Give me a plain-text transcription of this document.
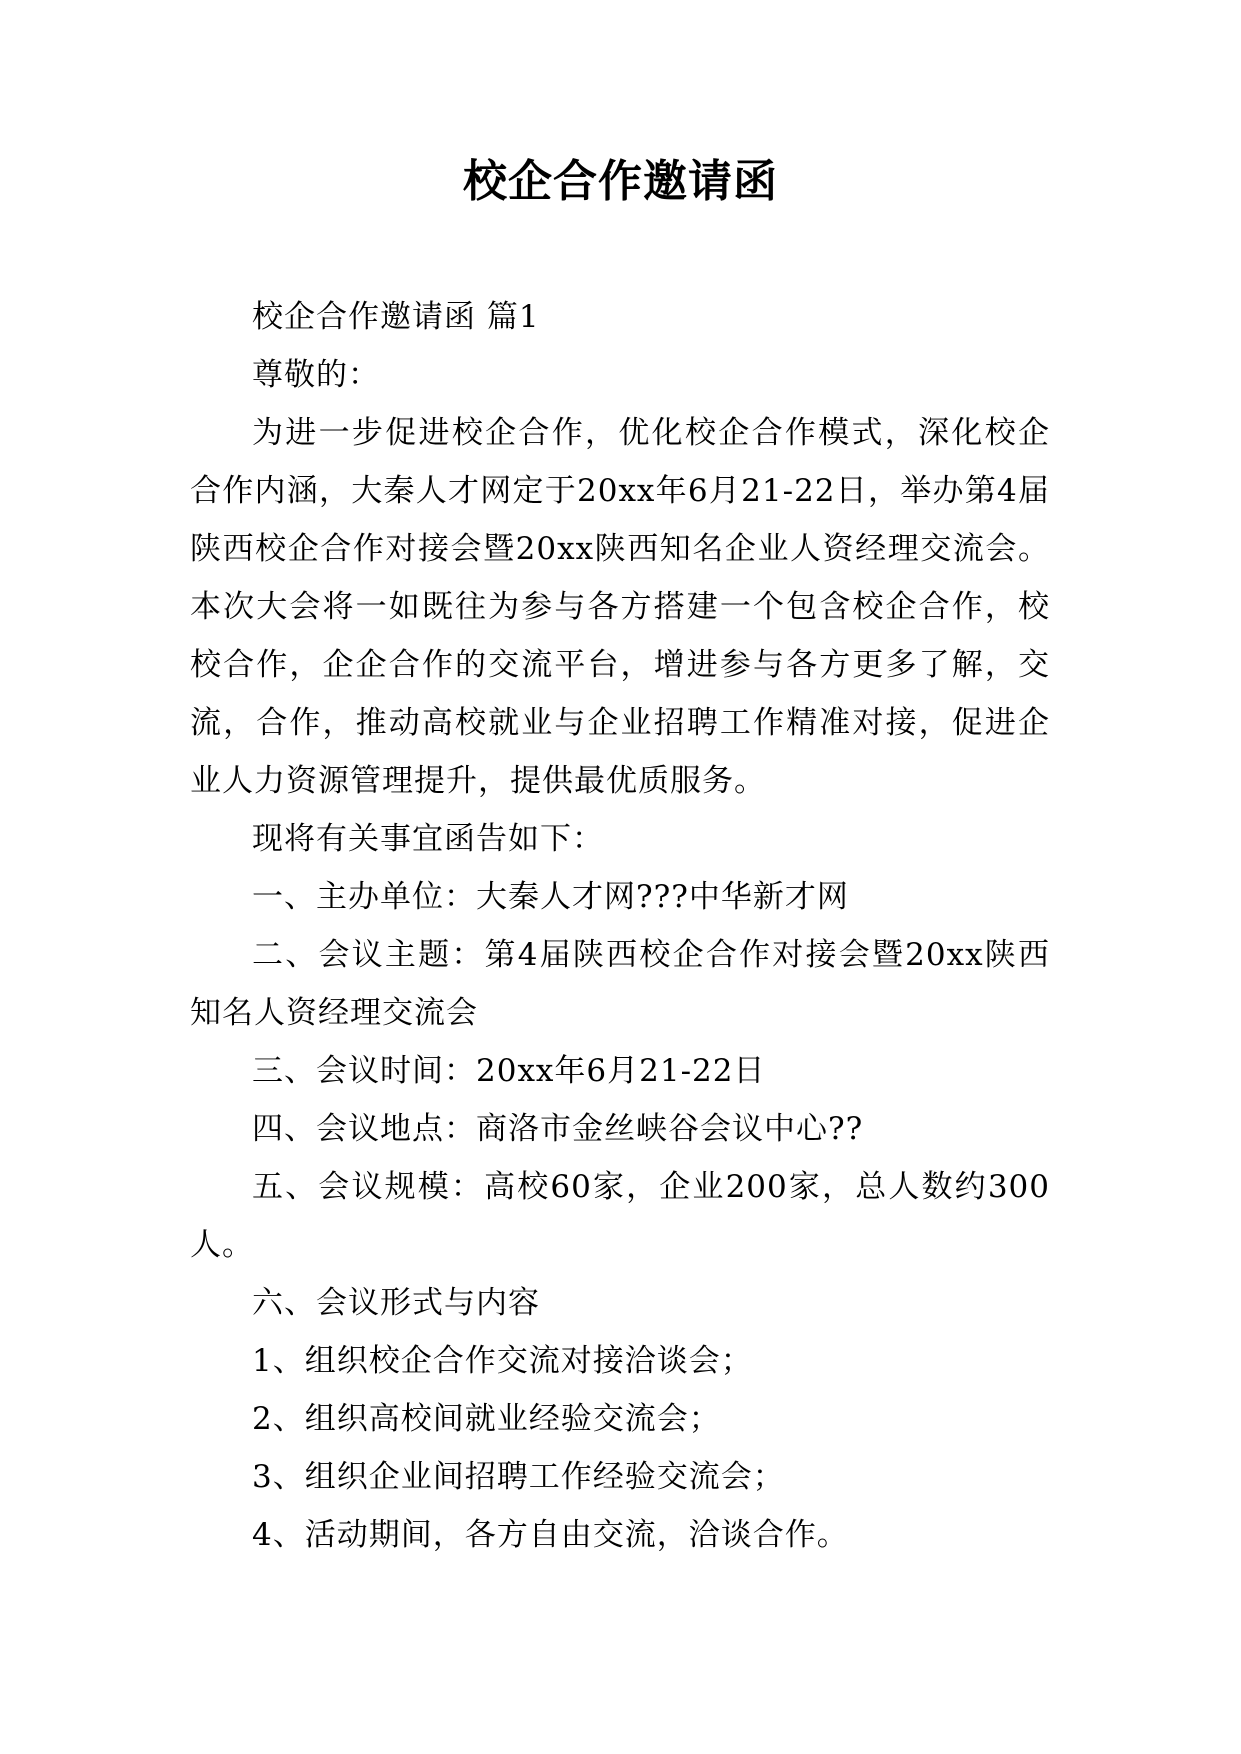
校企合作邀请函

校企合作邀请函 篇1

尊敬的：

为进一步促进校企合作，优化校企合作模式，深化校企合作内涵，大秦人才网定于20xx年6月21-22日，举办第4届陕西校企合作对接会暨20xx陕西知名企业人资经理交流会。本次大会将一如既往为参与各方搭建一个包含校企合作，校校合作，企企合作的交流平台，增进参与各方更多了解，交流，合作，推动高校就业与企业招聘工作精准对接，促进企业人力资源管理提升，提供最优质服务。

现将有关事宜函告如下：

一、主办单位：大秦人才网???中华新才网

二、会议主题：第4届陕西校企合作对接会暨20xx陕西知名人资经理交流会

三、会议时间：20xx年6月21-22日

四、会议地点：商洛市金丝峡谷会议中心??

五、会议规模：高校60家，企业200家，总人数约300人。

六、会议形式与内容

1、组织校企合作交流对接洽谈会；

2、组织高校间就业经验交流会；

3、组织企业间招聘工作经验交流会；

4、活动期间，各方自由交流，洽谈合作。
